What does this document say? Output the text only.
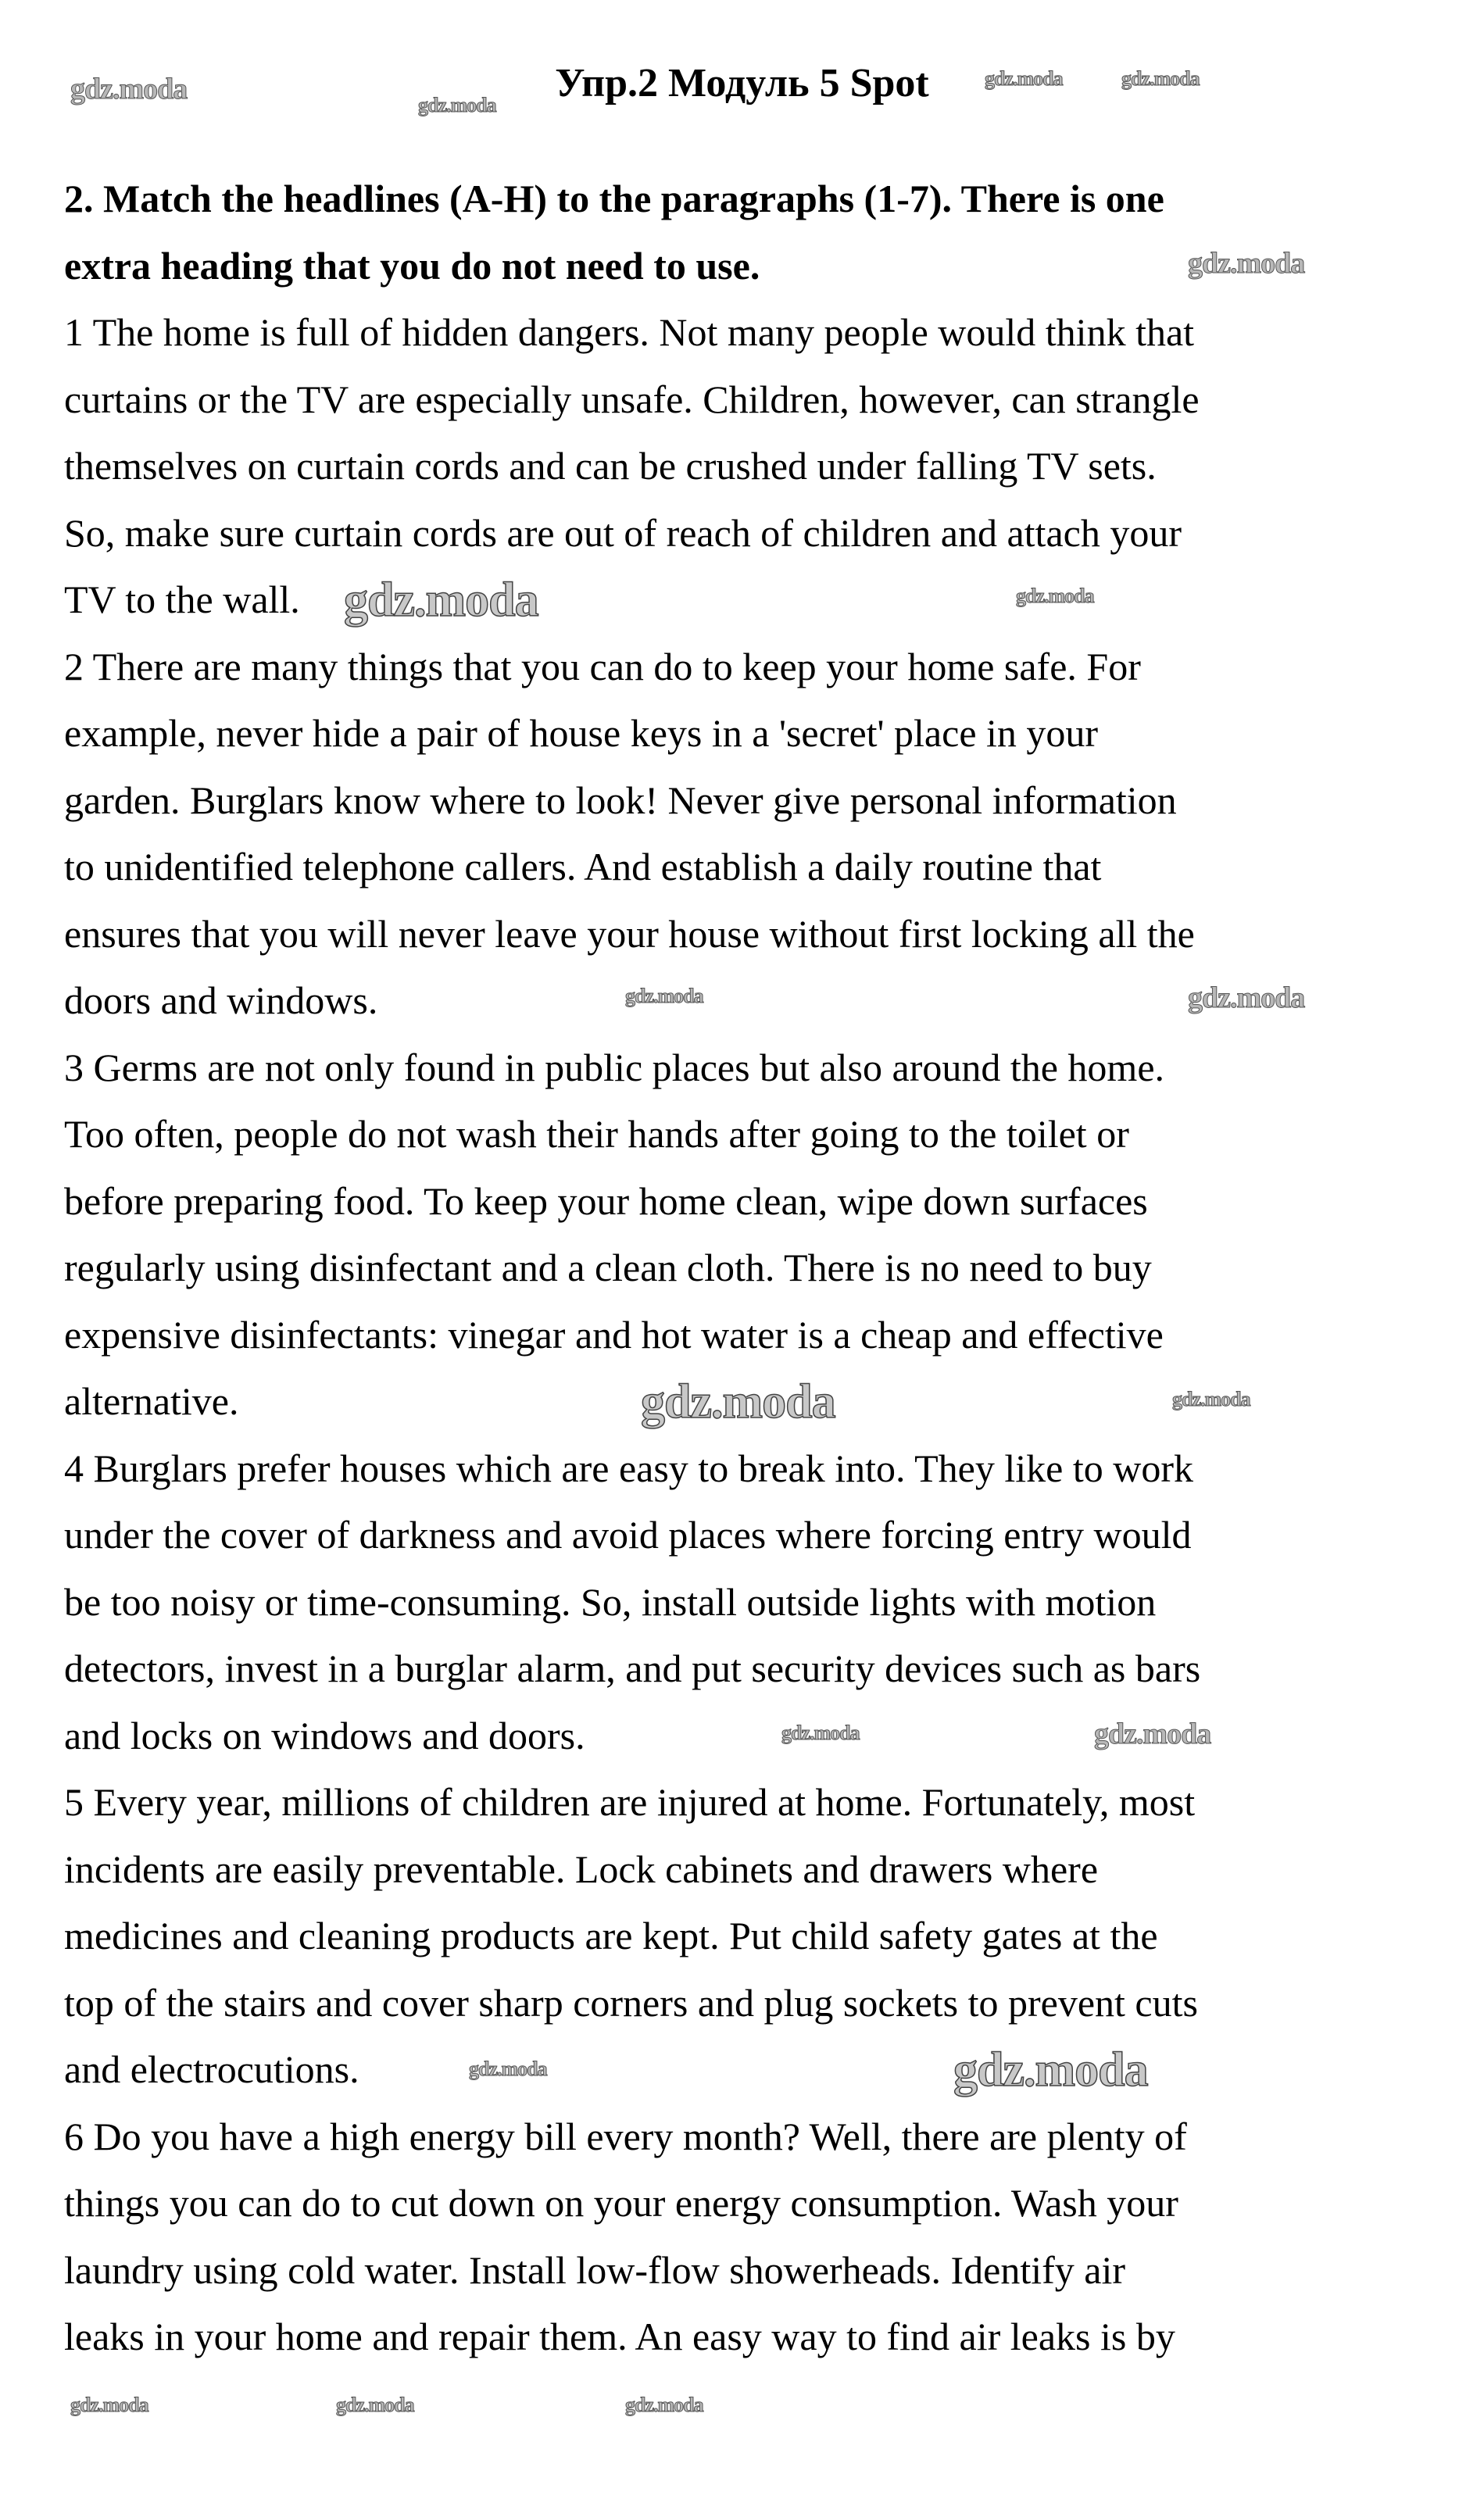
Упр.2 Модуль 5 Spot
2. Match the headlines (A-H) to the paragraphs (1-7). There is one
extra heading that you do not need to use.
1 The home is full of hidden dangers. Not many people would think that
curtains or the TV are especially unsafe. Children, however, can strangle
themselves on curtain cords and can be crushed under falling TV sets.
So, make sure curtain cords are out of reach of children and attach your
TV to the wall.
2 There are many things that you can do to keep your home safe. For
example, never hide a pair of house keys in a 'secret' place in your
garden. Burglars know where to look! Never give personal information
to unidentified telephone callers. And establish a daily routine that
ensures that you will never leave your house without first locking all the
doors and windows.
3 Germs are not only found in public places but also around the home.
Too often, people do not wash their hands after going to the toilet or
before preparing food. To keep your home clean, wipe down surfaces
regularly using disinfectant and a clean cloth. There is no need to buy
expensive disinfectants: vinegar and hot water is a cheap and effective
alternative.
4 Burglars prefer houses which are easy to break into. They like to work
under the cover of darkness and avoid places where forcing entry would
be too noisy or time-consuming. So, install outside lights with motion
detectors, invest in a burglar alarm, and put security devices such as bars
and locks on windows and doors.
5 Every year, millions of children are injured at home. Fortunately, most
incidents are easily preventable. Lock cabinets and drawers where
medicines and cleaning products are kept. Put child safety gates at the
top of the stairs and cover sharp corners and plug sockets to prevent cuts
and electrocutions.
6 Do you have a high energy bill every month? Well, there are plenty of
things you can do to cut down on your energy consumption. Wash your
laundry using cold water. Install low-flow showerheads. Identify air
leaks in your home and repair them. An easy way to find air leaks is by
gdz.moda	gdz.moda
gdz.moda	gdz.moda
gdz.moda
gdz.moda	gdz.moda
gdz.moda	gdz.moda
gdz.moda	gdz.moda
gdz.moda	gdz.moda
gdz.moda	gdz.moda
gdz.moda	gdz.moda	gdz.moda
